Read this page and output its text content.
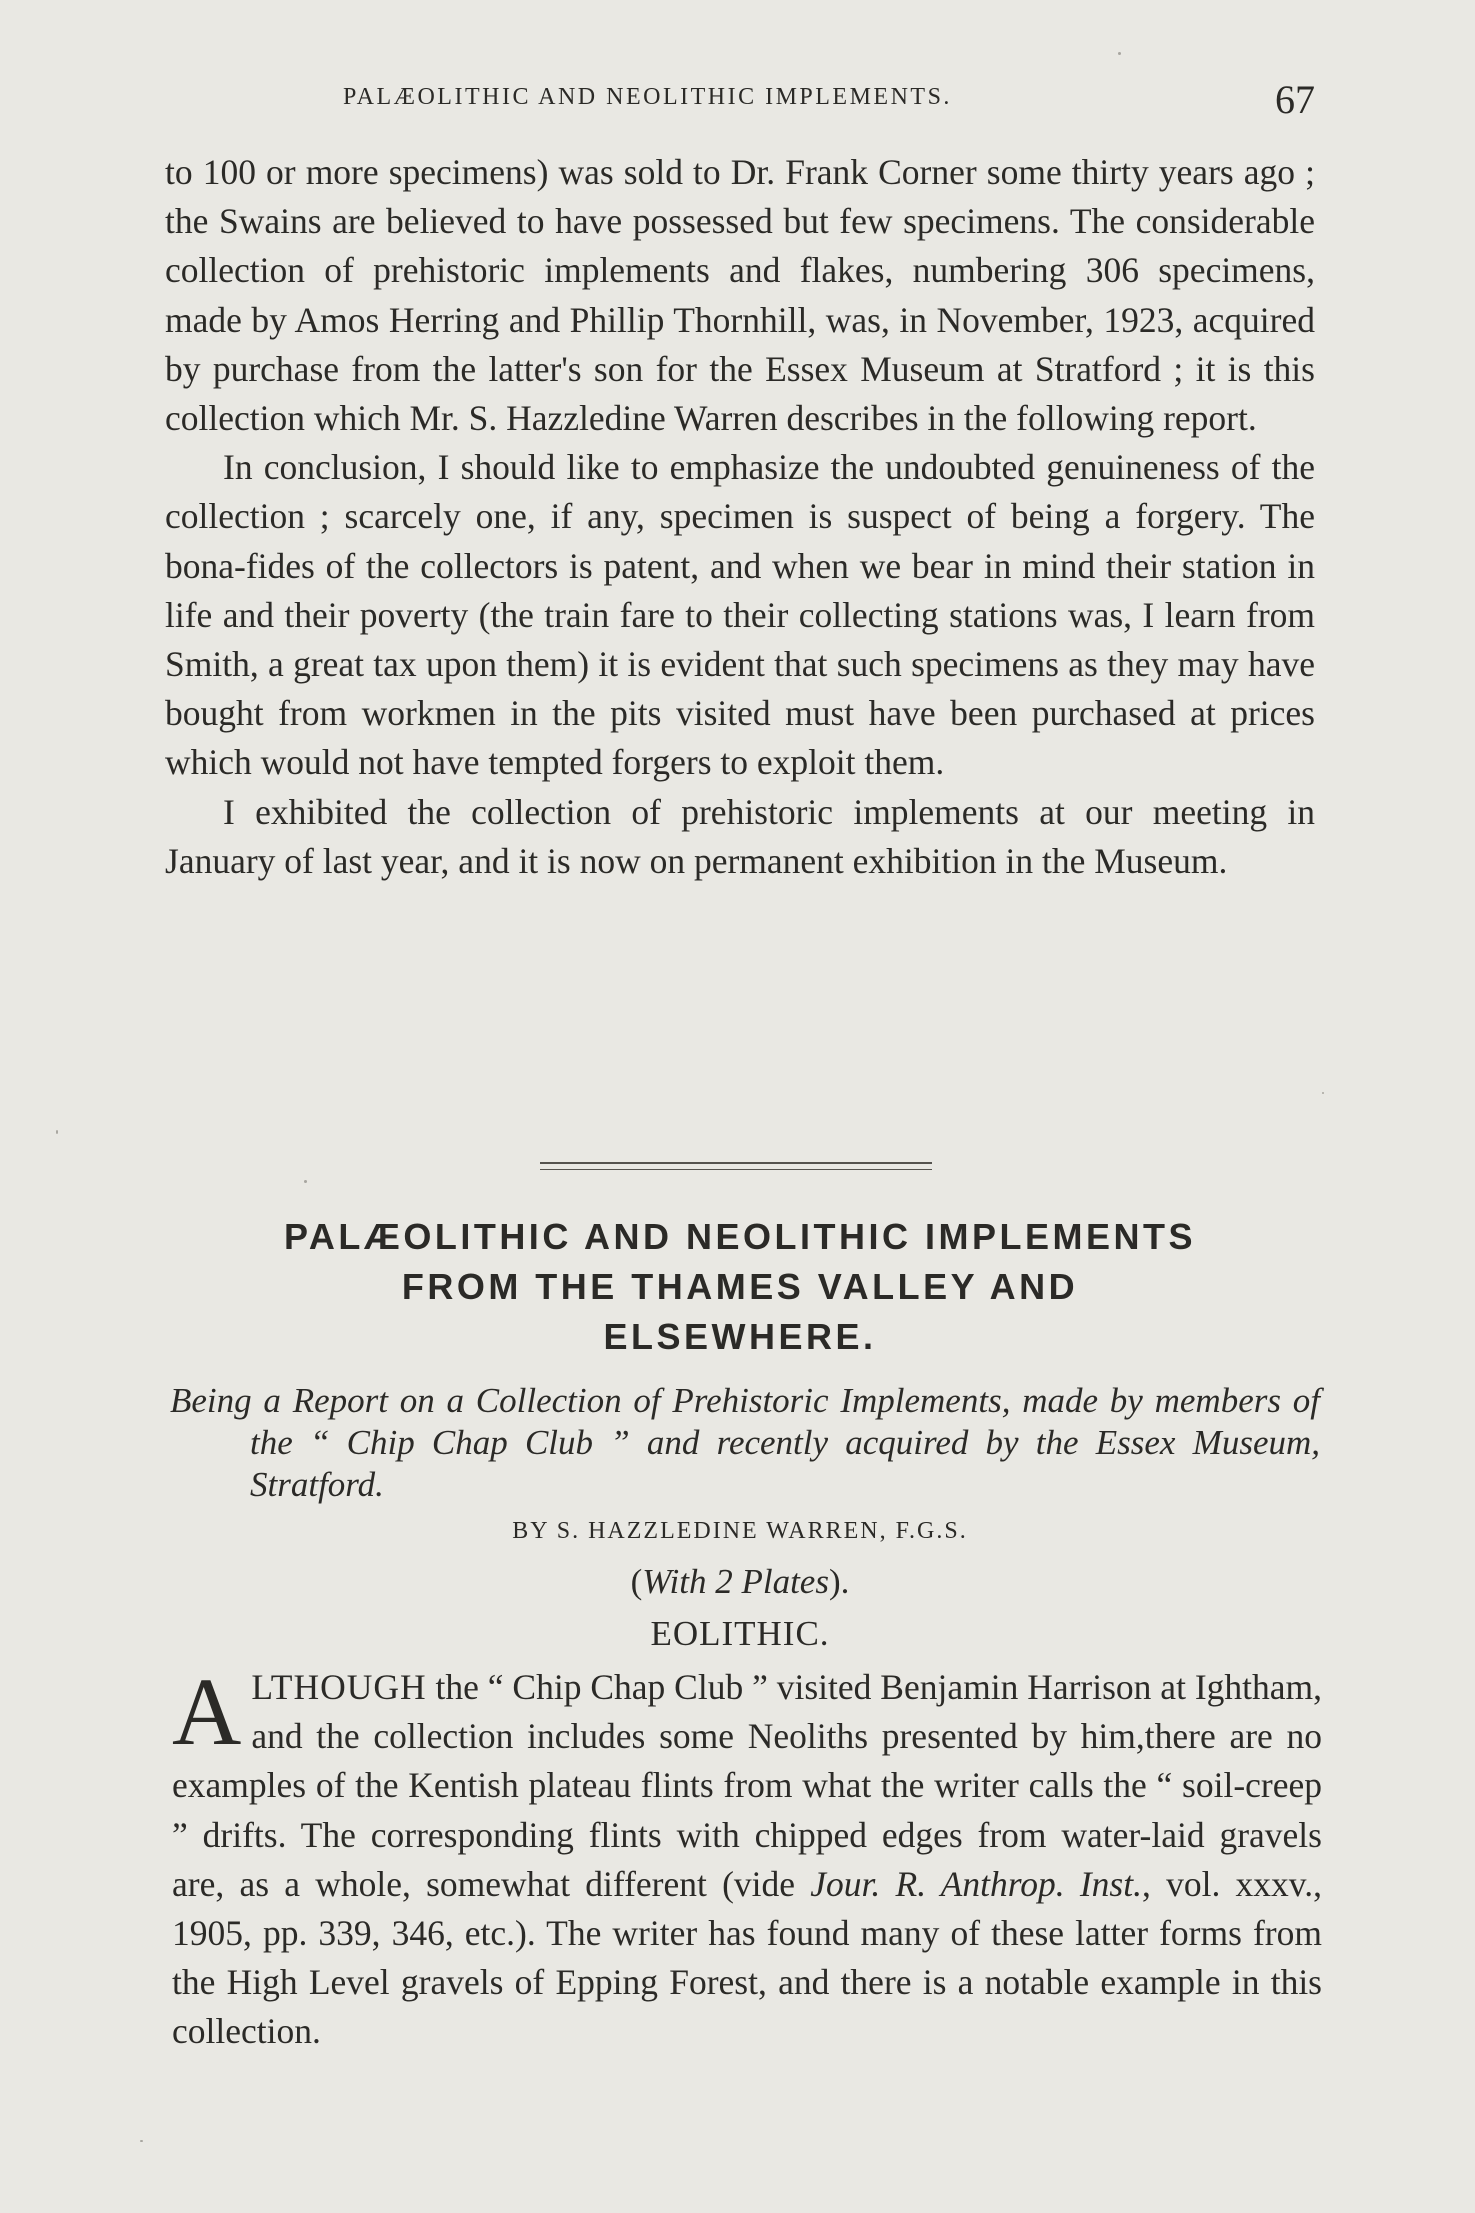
PALÆOLITHIC AND NEOLITHIC IMPLEMENTS.	67

to 100 or more specimens) was sold to Dr. Frank Corner some thirty years ago ; the Swains are believed to have possessed but few specimens. The considerable collection of prehistoric implements and flakes, numbering 306 specimens, made by Amos Herring and Phillip Thornhill, was, in November, 1923, acquired by purchase from the latter's son for the Essex Museum at Stratford ; it is this collection which Mr. S. Hazzledine Warren describes in the following report.

In conclusion, I should like to emphasize the undoubted genuineness of the collection ; scarcely one, if any, specimen is suspect of being a forgery. The bona-fides of the collectors is patent, and when we bear in mind their station in life and their poverty (the train fare to their collecting stations was, I learn from Smith, a great tax upon them) it is evident that such specimens as they may have bought from workmen in the pits visited must have been purchased at prices which would not have tempted forgers to exploit them.

I exhibited the collection of prehistoric implements at our meeting in January of last year, and it is now on permanent exhibition in the Museum.

PALÆOLITHIC AND NEOLITHIC IMPLEMENTS
FROM THE THAMES VALLEY AND
ELSEWHERE.
Being a Report on a Collection of Prehistoric Implements, made by members of the “ Chip Chap Club ” and recently acquired by the Essex Museum, Stratford.
BY S. HAZZLEDINE WARREN, F.G.S.
(With 2 Plates).
EOLITHIC.
ALTHOUGH the “ Chip Chap Club ” visited Benjamin Harrison at Ightham, and the collection includes some Neoliths presented by him,there are no examples of the Kentish plateau flints from what the writer calls the “ soil-creep ” drifts. The corresponding flints with chipped edges from water-laid gravels are, as a whole, somewhat different (vide Jour. R. Anthrop. Inst., vol. xxxv., 1905, pp. 339, 346, etc.). The writer has found many of these latter forms from the High Level gravels of Epping Forest, and there is a notable example in this collection.
